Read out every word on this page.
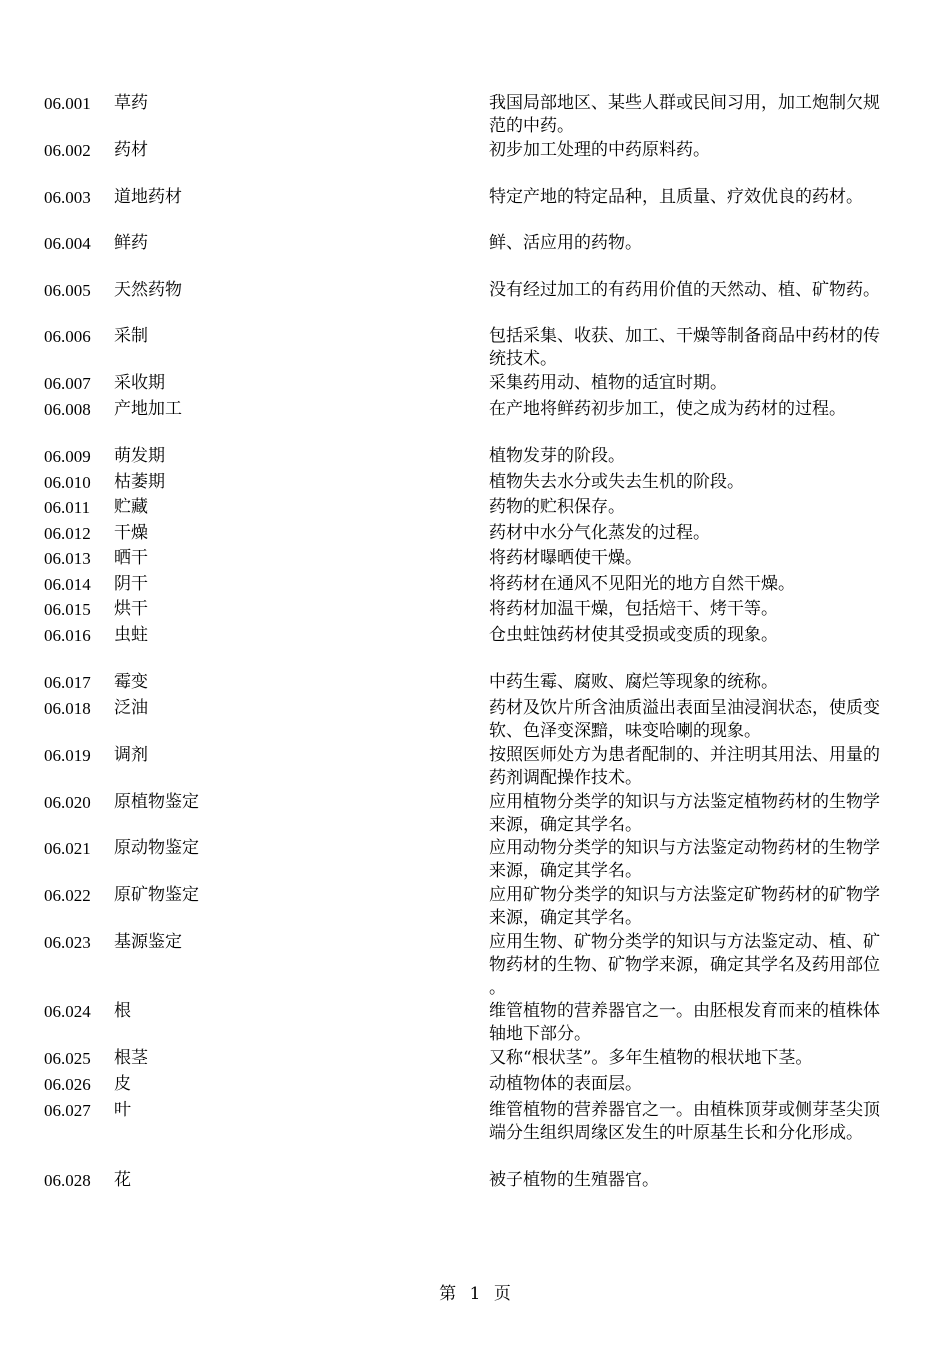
06.001	草药	我国局部地区、某些人群或民间习用，加工炮制欠规范的中药。
06.002	药材	初步加工处理的中药原料药。
06.003	道地药材	特定产地的特定品种，且质量、疗效优良的药材。
06.004	鲜药	鲜、活应用的药物。
06.005	天然药物	没有经过加工的有药用价值的天然动、植、矿物药。
06.006	采制	包括采集、收获、加工、干燥等制备商品中药材的传统技术。
06.007	采收期	采集药用动、植物的适宜时期。
06.008	产地加工	在产地将鲜药初步加工，使之成为药材的过程。
06.009	萌发期	植物发芽的阶段。
06.010	枯萎期	植物失去水分或失去生机的阶段。
06.011	贮藏	药物的贮积保存。
06.012	干燥	药材中水分气化蒸发的过程。
06.013	晒干	将药材曝晒使干燥。
06.014	阴干	将药材在通风不见阳光的地方自然干燥。
06.015	烘干	将药材加温干燥，包括焙干、烤干等。
06.016	虫蛀	仓虫蛀蚀药材使其受损或变质的现象。
06.017	霉变	中药生霉、腐败、腐烂等现象的统称。
06.018	泛油	药材及饮片所含油质溢出表面呈油浸润状态，使质变软、色泽变深黯，味变哈喇的现象。
06.019	调剂	按照医师处方为患者配制的、并注明其用法、用量的药剂调配操作技术。
06.020	原植物鉴定	应用植物分类学的知识与方法鉴定植物药材的生物学来源，确定其学名。
06.021	原动物鉴定	应用动物分类学的知识与方法鉴定动物药材的生物学来源，确定其学名。
06.022	原矿物鉴定	应用矿物分类学的知识与方法鉴定矿物药材的矿物学来源，确定其学名。
06.023	基源鉴定	应用生物、矿物分类学的知识与方法鉴定动、植、矿物药材的生物、矿物学来源，确定其学名及药用部位。
06.024	根	维管植物的营养器官之一。由胚根发育而来的植株体轴地下部分。
06.025	根茎	又称“根状茎”。多年生植物的根状地下茎。
06.026	皮	动植物体的表面层。
06.027	叶	维管植物的营养器官之一。由植株顶芽或侧芽茎尖顶端分生组织周缘区发生的叶原基生长和分化形成。
06.028	花	被子植物的生殖器官。
第 1 页
